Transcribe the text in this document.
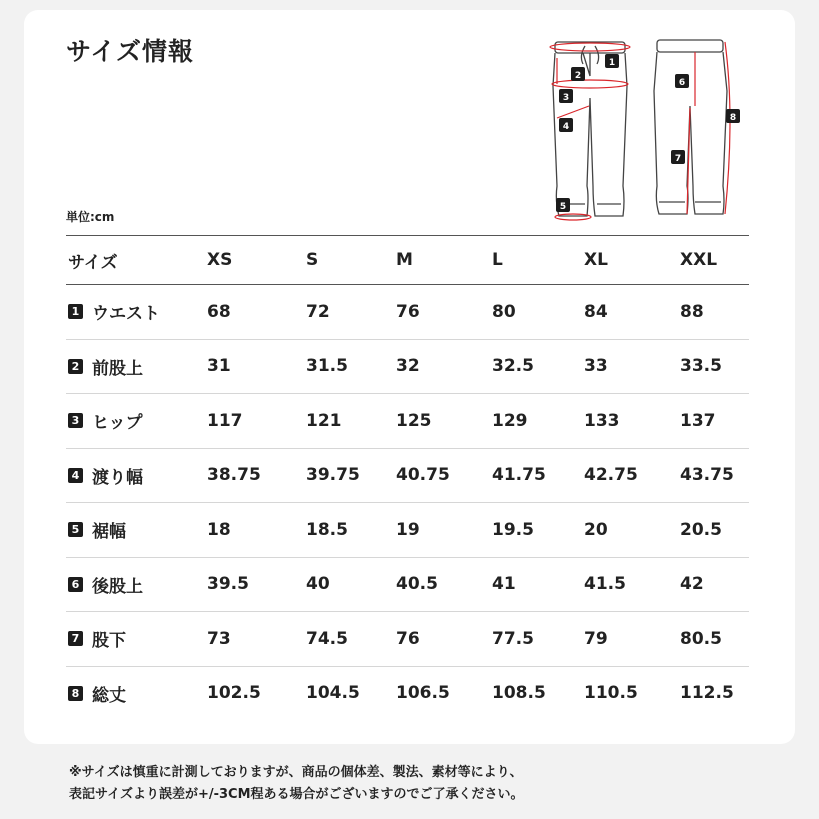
サイズ情報
単位:cm
1
2
3
4
5
6
7
8
サイズ	XS	S	M	L	XL	XXL
1 ウエスト	68	72	76	80	84	88
2 前股上	31	31.5	32	32.5	33	33.5
3 ヒップ	117	121	125	129	133	137
4 渡り幅	38.75	39.75 40.75 41.75 42.75 43.75
5 裾幅	18	18.5	19	19.5	20	20.5
6 後股上	39.5	40	40.5	41	41.5	42
7 股下	73	74.5	76	77.5	79	80.5
8 総丈	102.5	104.5 106.5 108.5 110.5 112.5
※サイズは慎重に計測しておりますが、商品の個体差、製法、素材等により、
表記サイズより誤差が+/-3CM程ある場合がございますのでご了承ください。
